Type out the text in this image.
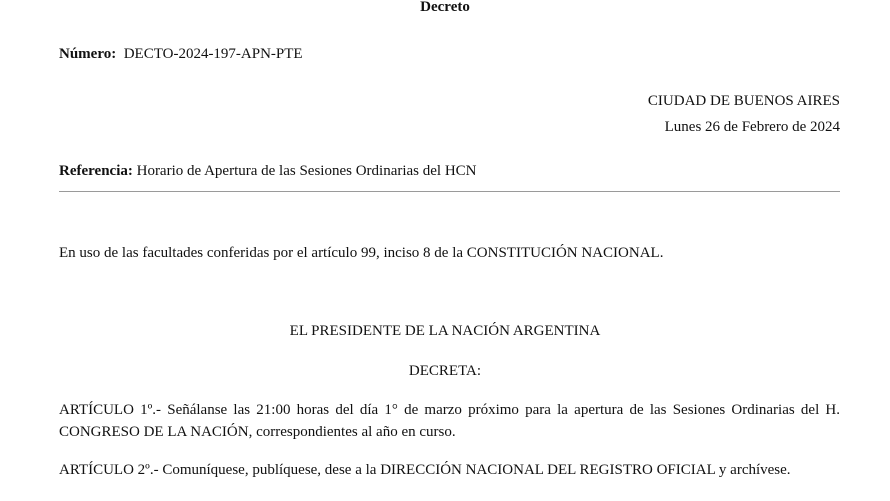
Decreto
Número: DECTO-2024-197-APN-PTE
CIUDAD DE BUENOS AIRES
Lunes 26 de Febrero de 2024
Referencia: Horario de Apertura de las Sesiones Ordinarias del HCN
En uso de las facultades conferidas por el artículo 99, inciso 8 de la CONSTITUCIÓN NACIONAL.
EL PRESIDENTE DE LA NACIÓN ARGENTINA
DECRETA:
ARTÍCULO 1º.- Señálanse las 21:00 horas del día 1° de marzo próximo para la apertura de las Sesiones Ordinarias del H. CONGRESO DE LA NACIÓN, correspondientes al año en curso.
ARTÍCULO 2º.- Comuníquese, publíquese, dese a la DIRECCIÓN NACIONAL DEL REGISTRO OFICIAL y archívese.
